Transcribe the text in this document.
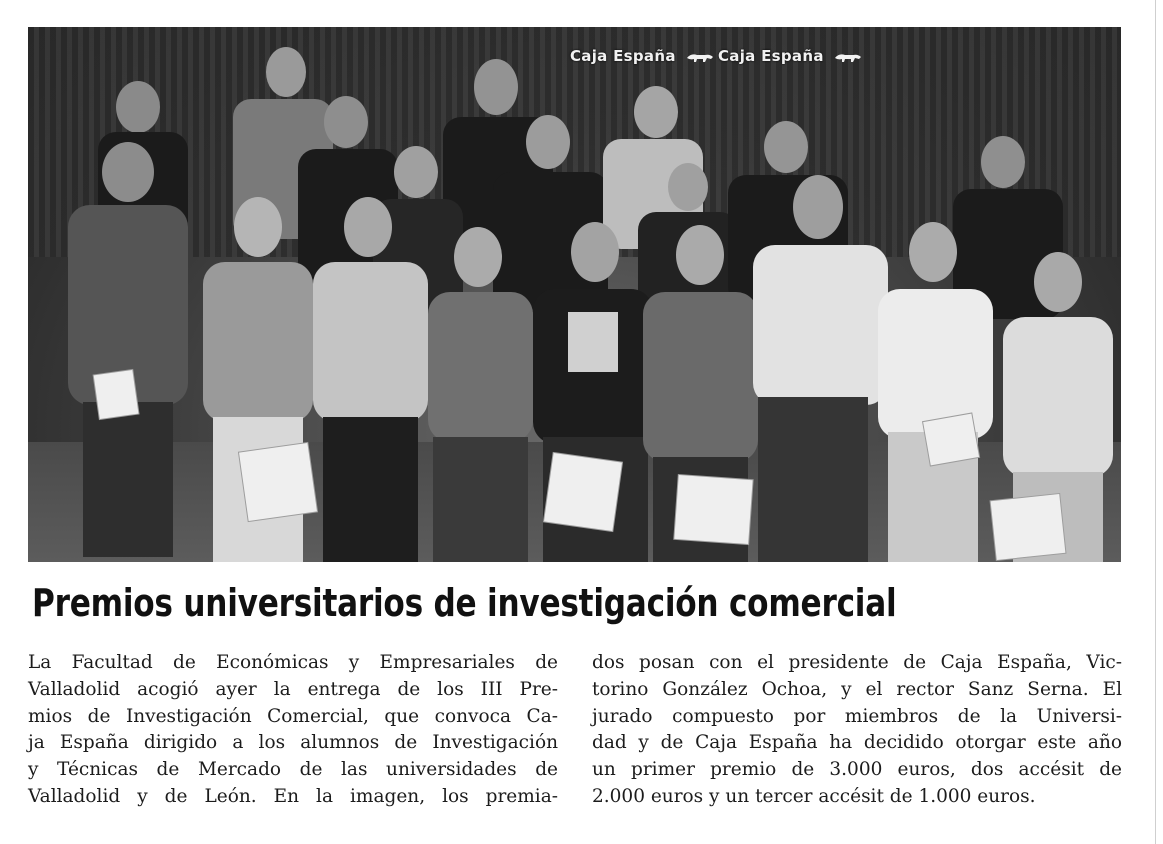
Caja España	Caja España
Premios universitarios de investigación comercial
La Facultad de Económicas y Empresariales de
Valladolid acogió ayer la entrega de los III Pre-
mios de Investigación Comercial, que convoca Ca-
ja España dirigido a los alumnos de Investigación
y Técnicas de Mercado de las universidades de
Valladolid y de León. En la imagen, los premia-
dos posan con el presidente de Caja España, Vic-
torino González Ochoa, y el rector Sanz Serna. El
jurado compuesto por miembros de la Universi-
dad y de Caja España ha decidido otorgar este año
un primer premio de 3.000 euros, dos accésit de
2.000 euros y un tercer accésit de 1.000 euros.
